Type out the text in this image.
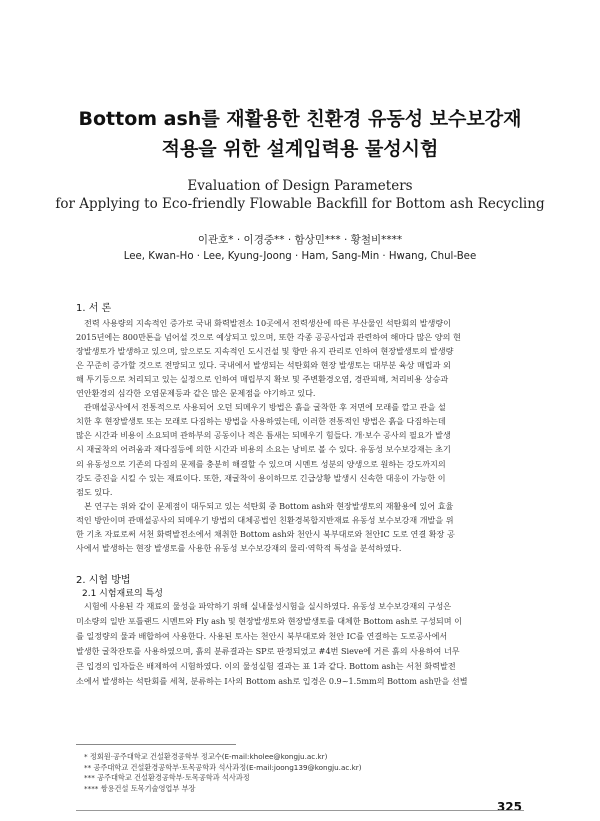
Bottom ash를 재활용한 친환경 유동성 보수보강재
적용을 위한 설계입력용 물성시험
Evaluation of Design Parameters
for Applying to Eco-friendly Flowable Backfill for Bottom ash Recycling
이관호* · 이경중** · 함상민*** · 황철비****
Lee, Kwan-Ho · Lee, Kyung-Joong · Ham, Sang-Min · Hwang, Chul-Bee
1. 서 론
전력 사용량의 지속적인 증가로 국내 화력발전소 10곳에서 전력생산에 따른 부산물인 석탄회의 발생량이
2015년에는 800만톤을 넘어설 것으로 예상되고 있으며, 또한 각종 공공사업과 관련하여 해마다 많은 양의 현
장발생토가 발생하고 있으며, 앞으로도 지속적인 도시건설 및 향만 유지 관리로 인하여 현장발생토의 발생량
은 꾸준히 증가할 것으로 전망되고 있다. 국내에서 발생되는 석탄회와 현장 발생토는 대부분 육상 매립과 외
해 투기등으로 처리되고 있는 실정으로 인하여 매립부지 확보 및 주변환경오염, 경관피해, 처리비용 상승과
연안환경의 심각한 오염문제등과 같은 많은 문제점을 야기하고 있다.
관매설공사에서 전통적으로 사용되어 오던 되메우기 방법은 흙을 굴착한 후 저면에 모래를 깔고 관을 설
치한 후 현장발생토 또는 모래로 다짐하는 방법을 사용하였는데, 이러한 전통적인 방법은 흙을 다짐하는데
많은 시간과 비용이 소요되며 관하부의 공동이나 적은 틈새는 되메우기 힘들다. 개·보수 공사의 필요가 발생
시 재굴착의 어려움과 재다짐등에 의한 시간과 비용의 소요는 낭비로 볼 수 있다. 유동성 보수보강재는 초기
의 유동성으로 기존의 다짐의 문제를 충분히 해결할 수 있으며 시멘트 성분의 양생으로 원하는 강도까지의
강도 증진을 시킬 수 있는 재료이다. 또한, 재굴착이 용이하므로 긴급상황 발생시 신속한 대응이 가능한 이
점도 있다.
본 연구는 위와 같이 문제점이 대두되고 있는 석탄회 중 Bottom ash와 현장발생토의 재활용에 있어 효율
적인 방안이며 관매설공사의 되메우기 방법의 대체공법인 친환경복합지반재료 유동성 보수보강재 개발을 위
한 기초 자료로써 서천 화력발전소에서 채취한 Bottom ash와 천안시 북부대로와 천안IC 도로 연결 확장 공
사에서 발생하는 현장 발생토를 사용한 유동성 보수보강재의 물리·역학적 특성을 분석하였다.
2. 시험 방법
2.1 시험재료의 특성
시험에 사용된 각 재료의 물성을 파악하기 위해 실내물성시험을 실시하였다. 유동성 보수보강재의 구성은
미소량의 일반 포틀랜드 시멘트와 Fly ash 및 현장발생토와 현장발생토를 대체한 Bottom ash로 구성되며 이
를 일정량의 물과 배합하여 사용한다. 사용된 토사는 천안시 북부대로와 천안 IC를 연결하는 도로공사에서
발생한 굴착잔토를 사용하였으며, 흙의 분류결과는 SP로 판정되었고 #4번 Sieve에 거른 흙의 사용하여 너무
큰 입경의 입자들은 배제하여 시험하였다. 이의 물성실험 결과는 표 1과 같다. Bottom ash는 서천 화력발전
소에서 발생하는 석탄회를 세척, 분류하는 I사의 Bottom ash로 입경은 0.9~1.5mm의 Bottom ash만을 선별
* 정회원·공주대학교 건설환경공학부 정교수(E-mail:kholee@kongju.ac.kr)
** 공주대학교 건설환경공학부·토목공학과 석사과정(E-mail:joong139@kongju.ac.kr)
*** 공주대학교 건설환경공학부·토목공학과 석사과정
**** 쌍용건설 토목기술영업부 부장
325
